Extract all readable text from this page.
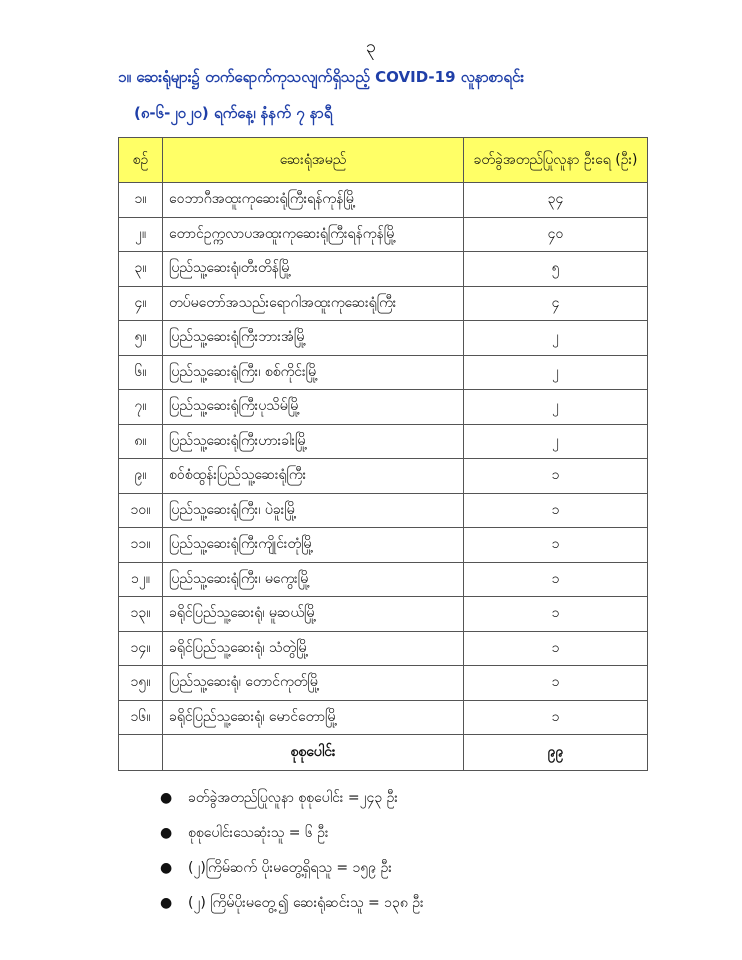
၃
၁။ ဆေးရုံများ၌ တက်ရောက်ကုသလျက်ရှိသည့် COVID-19 လူနာစာရင်း
(၈-၆-၂၀၂၀) ရက်နေ့၊ နံနက် ၇ နာရီ
စဉ်	ဆေးရုံအမည်	ခတ်ခွဲအတည်ပြုလူနာ ဦးရေ (ဦး)
၁။	ဝေဘာဂီအထူးကုဆေးရုံကြီးရန်ကုန်မြို့	၃၄
၂။	တောင်ဥက္ကလာပအထူးကုဆေးရုံကြီးရန်ကုန်မြို့	၄၀
၃။	ပြည်သူ့ဆေးရုံ၊တီးတိန်မြို့	၅
၄။	တပ်မတော်အသည်းရောဂါအထူးကုဆေးရုံကြီး	၄
၅။	ပြည်သူ့ဆေးရုံကြီးဘားအံမြို့	၂
၆။	ပြည်သူ့ဆေးရုံကြီး၊ စစ်ကိုင်းမြို့	၂
၇။	ပြည်သူ့ဆေးရုံကြီးပုသိမ်မြို့	၂
၈။	ပြည်သူ့ဆေးရုံကြီးဟားခါးမြို့	၂
၉။	စဝ်စံထွန်းပြည်သူ့ဆေးရုံကြီး	၁
၁၀။	ပြည်သူ့ဆေးရုံကြီး၊ ပဲခူးမြို့	၁
၁၁။	ပြည်သူ့ဆေးရုံကြီးကျိုင်းတုံမြို့	၁
၁၂။	ပြည်သူ့ဆေးရုံကြီး၊ မကွေးမြို့	၁
၁၃။	ခရိုင်ပြည်သူ့ဆေးရုံ၊ မူဆယ်မြို့	၁
၁၄။	ခရိုင်ပြည်သူ့ဆေးရုံ၊ သံတွဲမြို့	၁
၁၅။	ပြည်သူ့ဆေးရုံ၊ တောင်ကုတ်မြို့	၁
၁၆။	ခရိုင်ပြည်သူ့ဆေးရုံ၊ မောင်တောမြို့	၁
	စုစုပေါင်း	၉၉
● ခတ်ခွဲအတည်ပြုလူနာ စုစုပေါင်း =၂၄၃ ဦး
● စုစုပေါင်းသေဆုံးသူ = ၆ ဦး
● (၂)ကြိမ်ဆက် ပိုးမတွေ့ရှိရသူ = ၁၅၉ ဦး
● (၂) ကြိမ်ပိုးမတွေ့၍ ဆေးရုံဆင်းသူ = ၁၃၈ ဦး
